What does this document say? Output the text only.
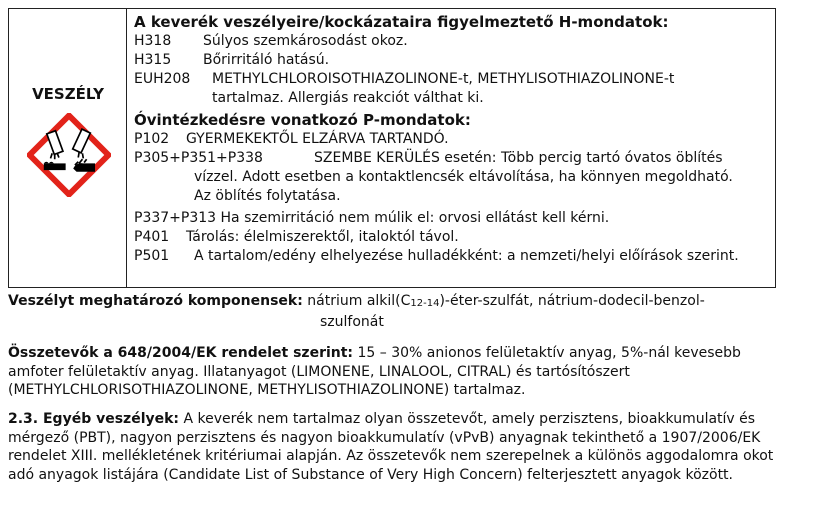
VESZÉLY
A keverék veszélyeire/kockázataira figyelmeztető H-mondatok:
H318 Súlyos szemkárosodást okoz.
H315 Bőrirritáló hatású.
EUH208 METHYLCHLOROISOTHIAZOLINONE-t, METHYLISOTHIAZOLINONE-t
tartalmaz. Allergiás reakciót válthat ki.
Óvintézkedésre vonatkozó P-mondatok:
P102 GYERMEKEKTŐL ELZÁRVA TARTANDÓ.
P305+P351+P338	SZEMBE KERÜLÉS esetén: Több percig tartó óvatos öblítés
vízzel. Adott esetben a kontaktlencsék eltávolítása, ha könnyen megoldható.
Az öblítés folytatása.
P337+P313 Ha szemirritáció nem múlik el: orvosi ellátást kell kérni.
P401 Tárolás: élelmiszerektől, italoktól távol.
P501 A tartalom/edény elhelyezése hulladékként: a nemzeti/helyi előírások szerint.
Veszélyt meghatározó komponensek: nátrium $alkil(C_{12-14})-éter$-szulfát, nátrium-dodecil-benzol-
szulfonát
Összetevők a 648/2004/EK rendelet szerint: 15 – 30% anionos felületaktív anyag, 5%-nál kevesebb
amfoter felületaktív anyag. Illatanyagot (LIMONENE, LINALOOL, CITRAL) és tartósítószert
(METHYLCHLORISOTHIAZOLINONE, METHYLISOTHIAZOLINONE) tartalmaz.
2.3. Egyéb veszélyek: A keverék nem tartalmaz olyan összetevőt, amely perzisztens, bioakkumulatív és
mérgező (PBT), nagyon perzisztens és nagyon bioakkumulatív (vPvB) anyagnak tekinthető a 1907/2006/EK
rendelet XIII. mellékletének kritériumai alapján. Az összetevők nem szerepelnek a különös aggodalomra okot
adó anyagok listájára (Candidate List of Substance of Very High Concern) felterjesztett anyagok között.
